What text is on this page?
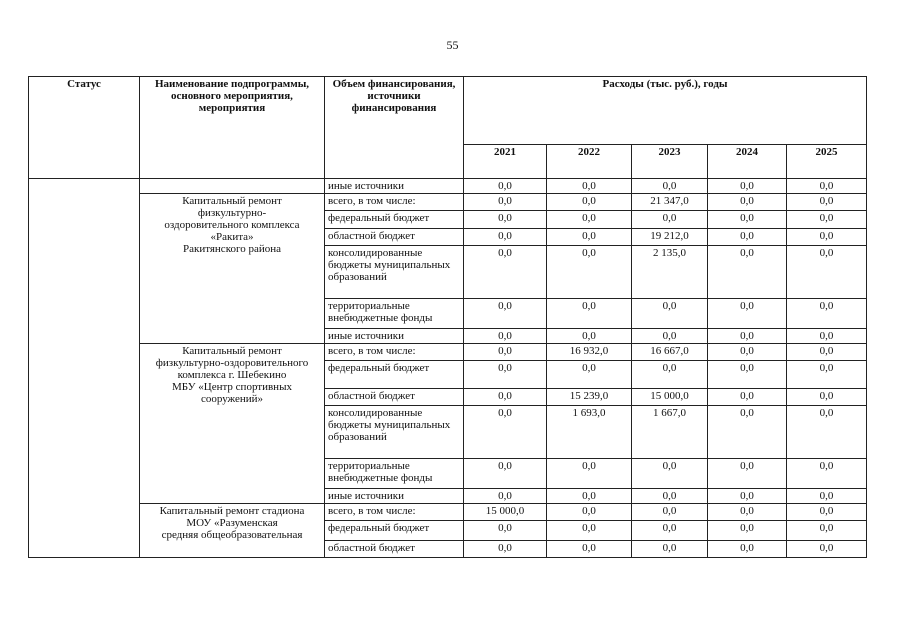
55
Статус	Наименование подпрограммы, основного мероприятия, мероприятия	Объем финансирования, источники финансирования	Расходы (тыс. руб.), годы				
			2021	2022	2023	2024	2025
		иные источники	0,0	0,0	0,0	0,0	0,0

	Капитальный ремонт
физкультурно-
оздоровительного комплекса
«Ракита»
Ракитянского района	всего, в том числе:	0,0	0,0	21 347,0	0,0	0,0
		федеральный бюджет	0,0	0,0	0,0	0,0	0,0
		областной бюджет	0,0	0,0	19 212,0	0,0	0,0
		консолидированные бюджеты муниципальных образований	0,0	0,0	2 135,0	0,0	0,0
		территориальные внебюджетные фонды	0,0	0,0	0,0	0,0	0,0
		иные источники	0,0	0,0	0,0	0,0	0,0

	Капитальный ремонт
физкультурно-оздоровительного
комплекса г. Шебекино
МБУ «Центр спортивных
сооружений»	всего, в том числе:	0,0	16 932,0	16 667,0	0,0	0,0
		федеральный бюджет	0,0	0,0	0,0	0,0	0,0
		областной бюджет	0,0	15 239,0	15 000,0	0,0	0,0
		консолидированные бюджеты муниципальных образований	0,0	1 693,0	1 667,0	0,0	0,0
		территориальные внебюджетные фонды	0,0	0,0	0,0	0,0	0,0
		иные источники	0,0	0,0	0,0	0,0	0,0

	Капитальный ремонт стадиона
МОУ «Разуменская
средняя общеобразовательная	всего, в том числе:	15 000,0	0,0	0,0	0,0	0,0
		федеральный бюджет	0,0	0,0	0,0	0,0	0,0
		областной бюджет	0,0	0,0	0,0	0,0	0,0
